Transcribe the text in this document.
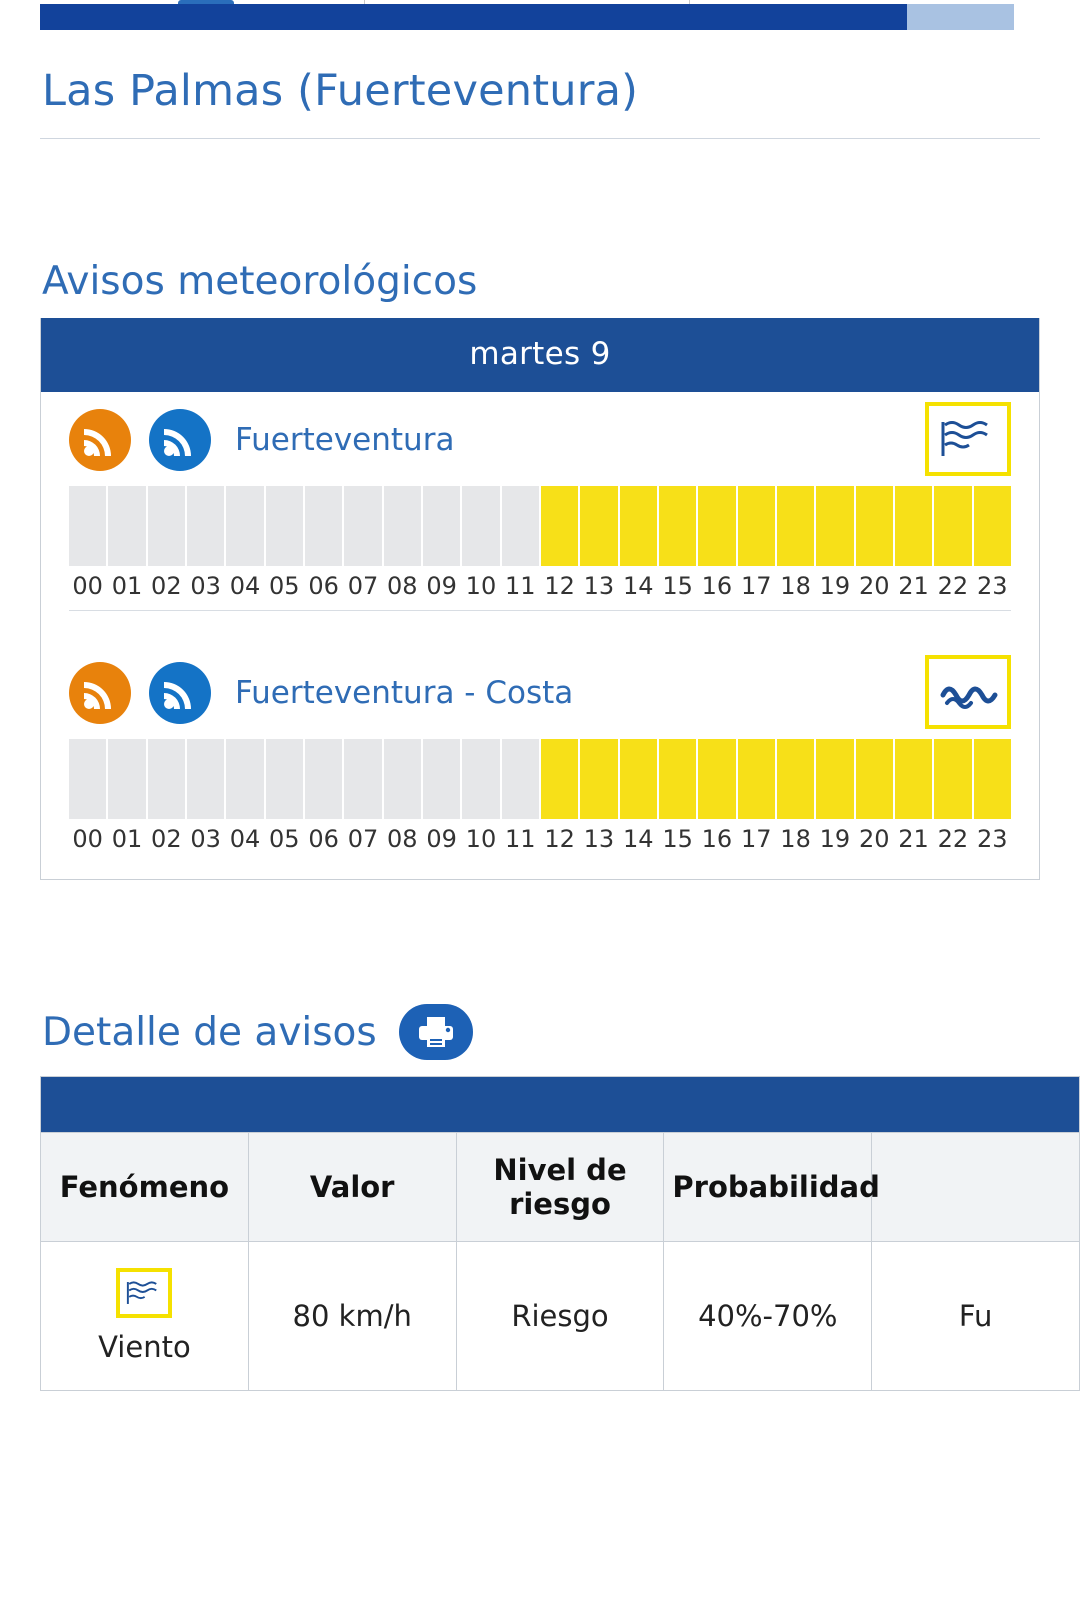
Las Palmas (Fuerteventura)
Avisos meteorológicos
martes 9
Fuerteventura
00 01 02 03 04 05 06 07 08 09 10 11 12 13 14 15 16 17 18 19 20 21 22 23
Fuerteventura - Costa
00 01 02 03 04 05 06 07 08 09 10 11 12 13 14 15 16 17 18 19 20 21 22 23
Detalle de avisos

Fenómeno	Valor	Nivel de riesgo	Probabilidad	

Viento	80 km/h	Riesgo	40%-70%	Fu
